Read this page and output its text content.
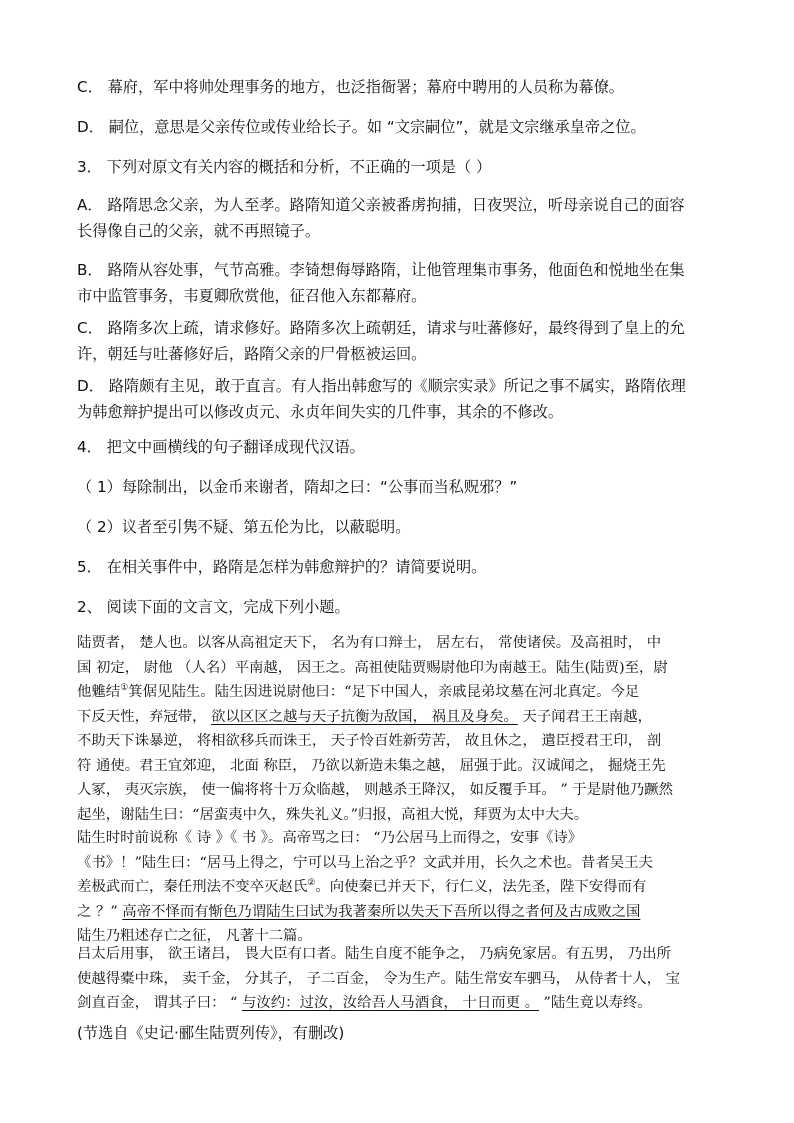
C． 幕府，军中将帅处理事务的地方，也泛指衙署；幕府中聘用的人员称为幕僚。
D． 嗣位，意思是父亲传位或传业给长子。如 “文宗嗣位”，就是文宗继承皇帝之位。
3． 下列对原文有关内容的概括和分析，不正确的一项是（ ）
A． 路隋思念父亲，为人至孝。路隋知道父亲被番虏拘捕，日夜哭泣，听母亲说自己的面容
长得像自己的父亲，就不再照镜子。
B． 路隋从容处事，气节高雅。李锜想侮辱路隋，让他管理集市事务，他面色和悦地坐在集
市中监管事务，韦夏卿欣赏他，征召他入东都幕府。
C． 路隋多次上疏，请求修好。路隋多次上疏朝廷，请求与吐蕃修好，最终得到了皇上的允
许，朝廷与吐蕃修好后，路隋父亲的尸骨柩被运回。
D． 路隋颇有主见，敢于直言。有人指出韩愈写的《顺宗实录》所记之事不属实，路隋依理
为韩愈辩护提出可以修改贞元、永贞年间失实的几件事，其余的不修改。
4． 把文中画横线的句子翻译成现代汉语。
（ 1）每除制出，以金币来谢者，隋却之曰：“公事而当私贶邪？”
（ 2）议者至引隽不疑、第五伦为比，以蔽聪明。
5． 在相关事件中，路隋是怎样为韩愈辩护的？请简要说明。
2、 阅读下面的文言文，完成下列小题。
陆贾者， 楚人也。以客从高祖定天下， 名为有口辩士， 居左右， 常使诸侯。及高祖时， 中
国 初定， 尉他 （人名）平南越， 因王之。高祖使陆贾赐尉他印为南越王。陆生(陆贾)至，尉
他魋结①箕倨见陆生。陆生因进说尉他曰：“足下中国人，亲戚昆弟坟墓在河北真定。今足
下反天性，弃冠带， 欲以区区之越与天子抗衡为敌国， 祸且及身矣。 天子闻君王王南越，
不助天下诛暴逆， 将相欲移兵而诛王， 天子怜百姓新劳苦， 故且休之， 遣臣授君王印， 剖
符 通使。君王宜郊迎， 北面 称臣， 乃欲以新造未集之越， 屈强于此。汉诚闻之， 掘烧王先
人冢， 夷灭宗族， 使一偏将将十万众临越， 则越杀王降汉， 如反覆手耳。 ” 于是尉他乃蹶然
起坐，谢陆生曰：“居蛮夷中久，殊失礼义。”归报，高祖大悦，拜贾为太中大夫。
陆生时时前说称《 诗 》《 书 》。高帝骂之曰： “乃公居马上而得之，安事《诗》
《书》！”陆生曰：“居马上得之，宁可以马上治之乎？文武并用，长久之术也。昔者吴王夫
差极武而亡，秦任刑法不变卒灭赵氏②。向使秦已并天下，行仁义，法先圣，陛下安得而有
之 ？” 高帝不怿而有惭色乃谓陆生曰试为我著秦所以失天下吾所以得之者何及古成败之国
陆生乃粗述存亡之征， 凡著十二篇。
吕太后用事， 欲王诸吕， 畏大臣有口者。陆生自度不能争之， 乃病免家居。有五男， 乃出所
使越得橐中珠， 卖千金， 分其子， 子二百金， 令为生产。陆生常安车驷马， 从侍者十人， 宝
剑直百金， 谓其子曰： “ 与汝约：过汝，汝给吾人马酒食， 十日而更 。 ”陆生竟以寿终。
(节选自《史记·郦生陆贾列传》，有删改)
